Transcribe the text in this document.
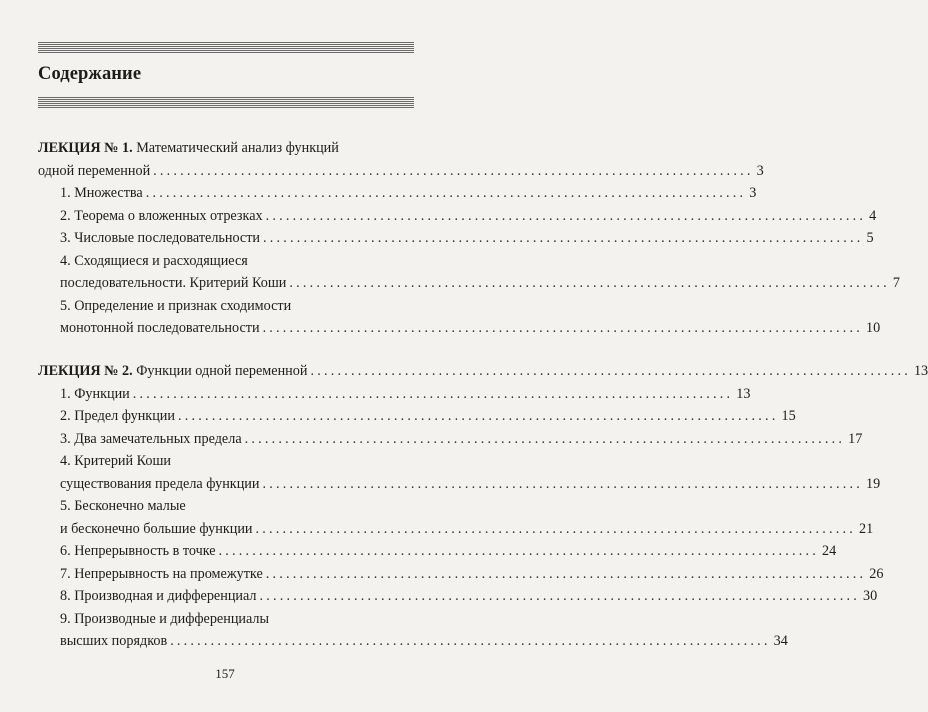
Содержание
ЛЕКЦИЯ № 1. Математический анализ функций
одной переменной ......................................................................................... 3
1. Множества ......................................................................................... 3
2. Теорема о вложенных отрезках ......................................................................................... 4
3. Числовые последовательности ......................................................................................... 5
4. Сходящиеся и расходящиеся
последовательности. Критерий Коши ......................................................................................... 7
5. Определение и признак сходимости
монотонной последовательности ......................................................................................... 10
ЛЕКЦИЯ № 2. Функции одной переменной ......................................................................................... 13
1. Функции ......................................................................................... 13
2. Предел функции ......................................................................................... 15
3. Два замечательных предела ......................................................................................... 17
4. Критерий Коши
существования предела функции ......................................................................................... 19
5. Бесконечно малые
и бесконечно большие функции ......................................................................................... 21
6. Непрерывность в точке ......................................................................................... 24
7. Непрерывность на промежутке ......................................................................................... 26
8. Производная и дифференциал ......................................................................................... 30
9. Производные и дифференциалы
высших порядков ......................................................................................... 34
157
